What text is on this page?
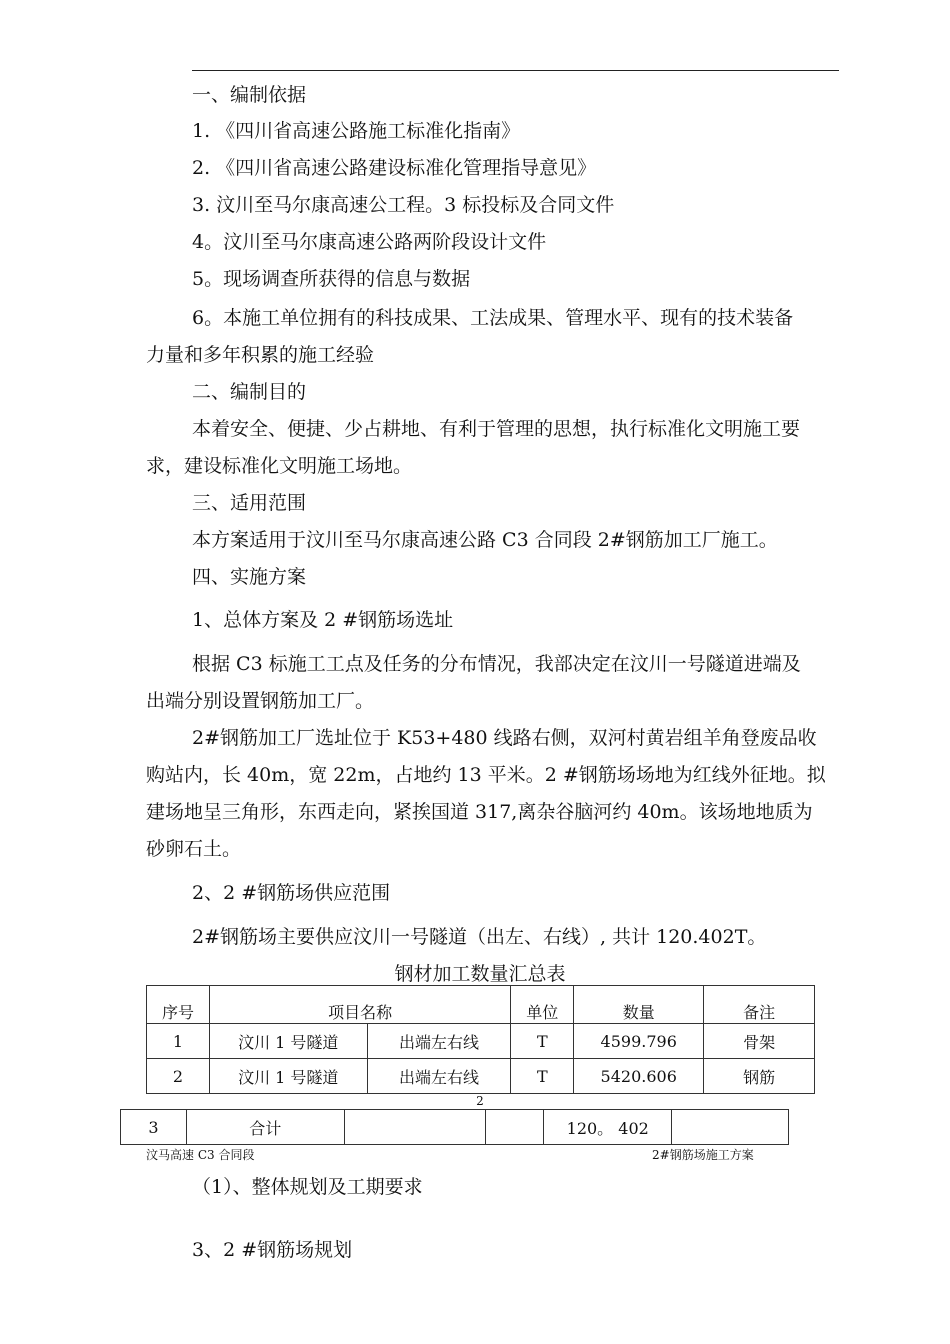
一、编制依据
1. 《四川省高速公路施工标准化指南》
2. 《四川省高速公路建设标准化管理指导意见》
3. 汶川至马尔康高速公工程。3 标投标及合同文件
4。汶川至马尔康高速公路两阶段设计文件
5。现场调查所获得的信息与数据
6。本施工单位拥有的科技成果、工法成果、管理水平、现有的技术装备
力量和多年积累的施工经验
二、编制目的
本着安全、便捷、少占耕地、有利于管理的思想，执行标准化文明施工要
求，建设标准化文明施工场地。
三、适用范围
本方案适用于汶川至马尔康高速公路 C3 合同段 2#钢筋加工厂施工。
四、实施方案
1、总体方案及 2 #钢筋场选址
根据 C3 标施工工点及任务的分布情况，我部决定在汶川一号隧道进端及
出端分别设置钢筋加工厂。
2#钢筋加工厂选址位于 K53+480 线路右侧，双河村黄岩组羊角登废品收
购站内，长 40m，宽 22m，占地约 13 平米。2 #钢筋场场地为红线外征地。拟
建场地呈三角形，东西走向，紧挨国道 317,离杂谷脑河约 40m。该场地地质为
砂卵石土。
2、2 #钢筋场供应范围
2#钢筋场主要供应汶川一号隧道（出左、右线）, 共计 120.402T。
钢材加工数量汇总表
序号	项目名称		单位	数量	备注
1	汶川 1 号隧道	出端左右线	T	4599.796	骨架
2	汶川 1 号隧道	出端左右线	T	5420.606	钢筋
2
3	合计			120。 402	
汶马高速 C3 合同段	2#钢筋场施工方案
（1）、整体规划及工期要求
3、2 #钢筋场规划
